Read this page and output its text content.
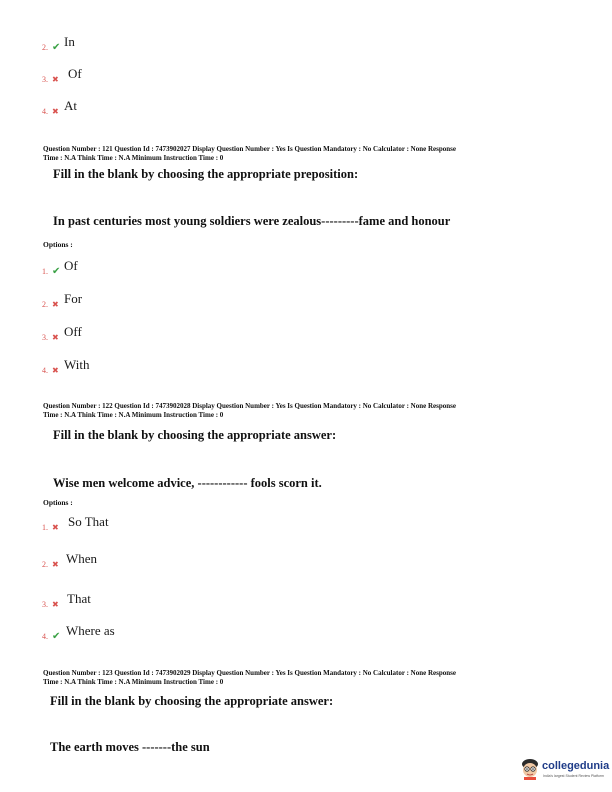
2. ✔ In
3. ✖ Of
4. ✖ At
Question Number : 121 Question Id : 7473902027 Display Question Number : Yes Is Question Mandatory : No Calculator : None Response
Time : N.A Think Time : N.A Minimum Instruction Time : 0
Fill in the blank by choosing the appropriate preposition:
In past centuries most young soldiers were zealous---------fame and honour
Options :
1. ✔ Of
2. ✖ For
3. ✖ Off
4. ✖ With
Question Number : 122 Question Id : 7473902028 Display Question Number : Yes Is Question Mandatory : No Calculator : None Response
Time : N.A Think Time : N.A Minimum Instruction Time : 0
Fill in the blank by choosing the appropriate answer:
Wise men welcome advice, ------------ fools scorn it.
Options :
1. ✖ So That
2. ✖ When
3. ✖ That
4. ✔ Where as
Question Number : 123 Question Id : 7473902029 Display Question Number : Yes Is Question Mandatory : No Calculator : None Response
Time : N.A Think Time : N.A Minimum Instruction Time : 0
Fill in the blank by choosing the appropriate answer:
The earth moves -------the sun
collegedunia
India's largest Student Review Platform
